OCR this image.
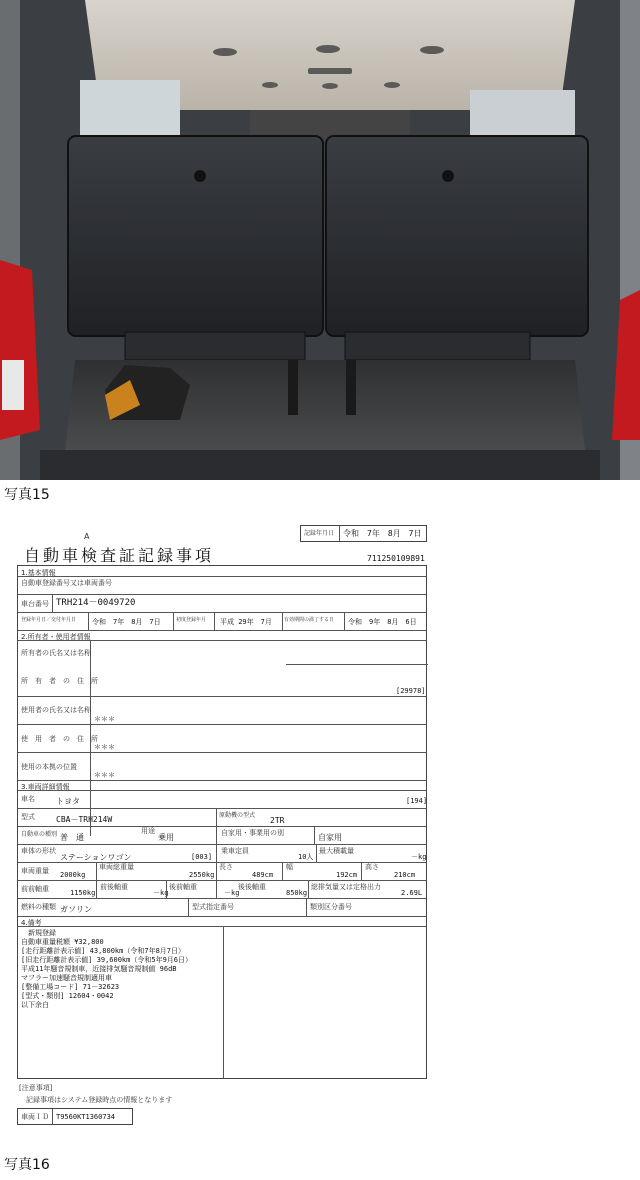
写真15
A
自動車検査証記録事項
記録年月日 令和　7年　8月　7日
711250109891
1.基本情報
自動車登録番号又は車両番号
車台番号 TRH214－0049720
登録年月日／交付年月日 令和　7年　8月　7日	初度登録年月 平成 29年　7月 有効期間の満了する日 令和　9年　8月　6日
2.所有者・使用者情報
所有者の氏名又は名称
所　有　者　の　住　所
[29978]
使用者の氏名又は名称
＊＊＊
使　用　者　の　住　所
＊＊＊
使用の本拠の位置
＊＊＊
3.車両詳細情報
車名	トヨタ	[194]
型式	CBA－TRH214W	原動機の型式
2TR
自動車の種別 普　通
用途
乗用	自家用・事業用の別	自家用
車体の形状
ステーションワゴン	[003]
乗車定員
10人
最大積載量
－kg
車両重量 2000kg
車両総重量
2550kg
長さ
489cm
幅
192cm
高さ
210cm
前前軸重	1150kg
前後軸重
－kg
後前軸重
－kg
後後軸重
850kg
総排気量又は定格出力
2.69L
燃料の種類 ガソリン	型式指定番号	類別区分番号
4.備考
　新規登録
自動車重量税額 ¥32,800
[走行距離計表示値] 43,800km（令和7年8月7日）
[旧走行距離計表示値] 39,600km（令和5年9月6日）
平成11年騒音規制車，近接排気騒音規制値 96dB
マフラー加速騒音規制適用車
[整備工場コード] 71－32623
[型式・類別] 12604・0042
以下余白
[注意事項]
記録事項はシステム登録時点の情報となります
車両ＩＤ T9560KT1360734
写真16
